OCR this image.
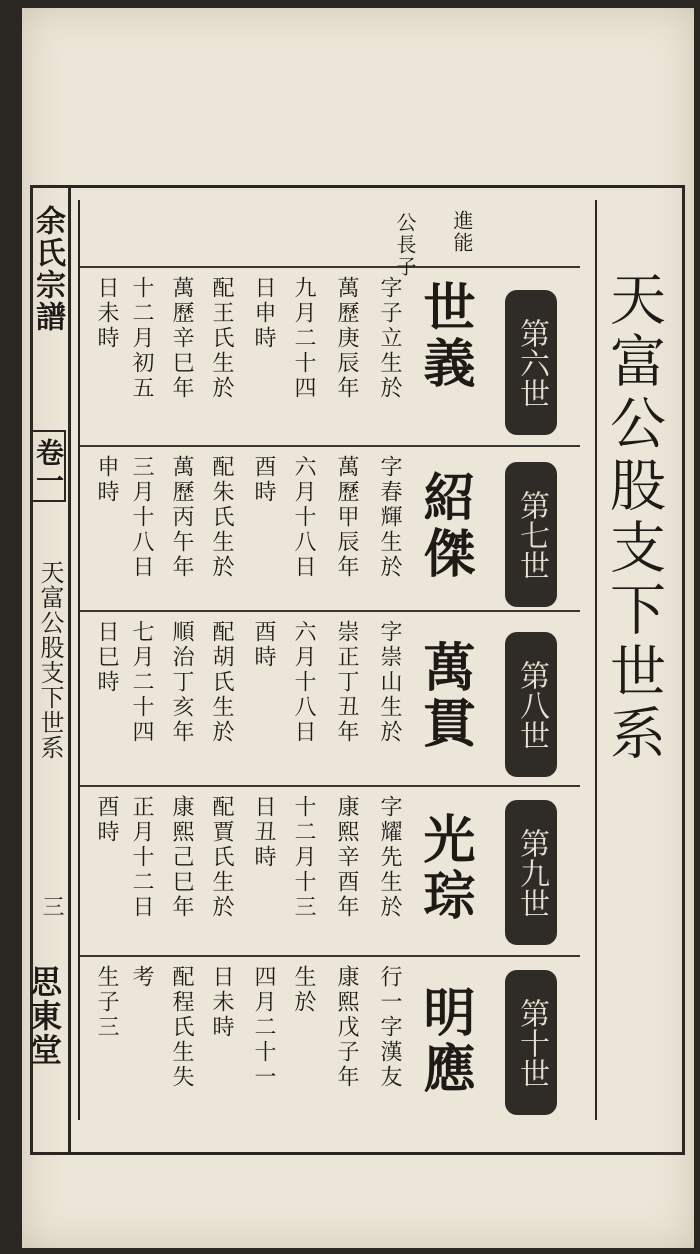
余氏宗譜
卷一
天富公股支下世系
三
思東堂
天富公股支下世系
第六世
世義
進能
公長子
第七世
紹傑
第八世
萬貫
第九世
光琮
第十世
明應
字子立生於
萬歷庚辰年
九月二十四
日申時
配王氏生於
萬歷辛巳年
十二月初五
日未時
字春輝生於
萬歷甲辰年
六月十八日
酉時
配朱氏生於
萬歷丙午年
三月十八日
申時
字崇山生於
崇正丁丑年
六月十八日
酉時
配胡氏生於
順治丁亥年
七月二十四
日巳時
字耀先生於
康熙辛酉年
十二月十三
日丑時
配賈氏生於
康熙己巳年
正月十二日
酉時
行一字漢友
康熙戊子年
生於
四月二十一
日未時
配程氏生失
考
生子三
